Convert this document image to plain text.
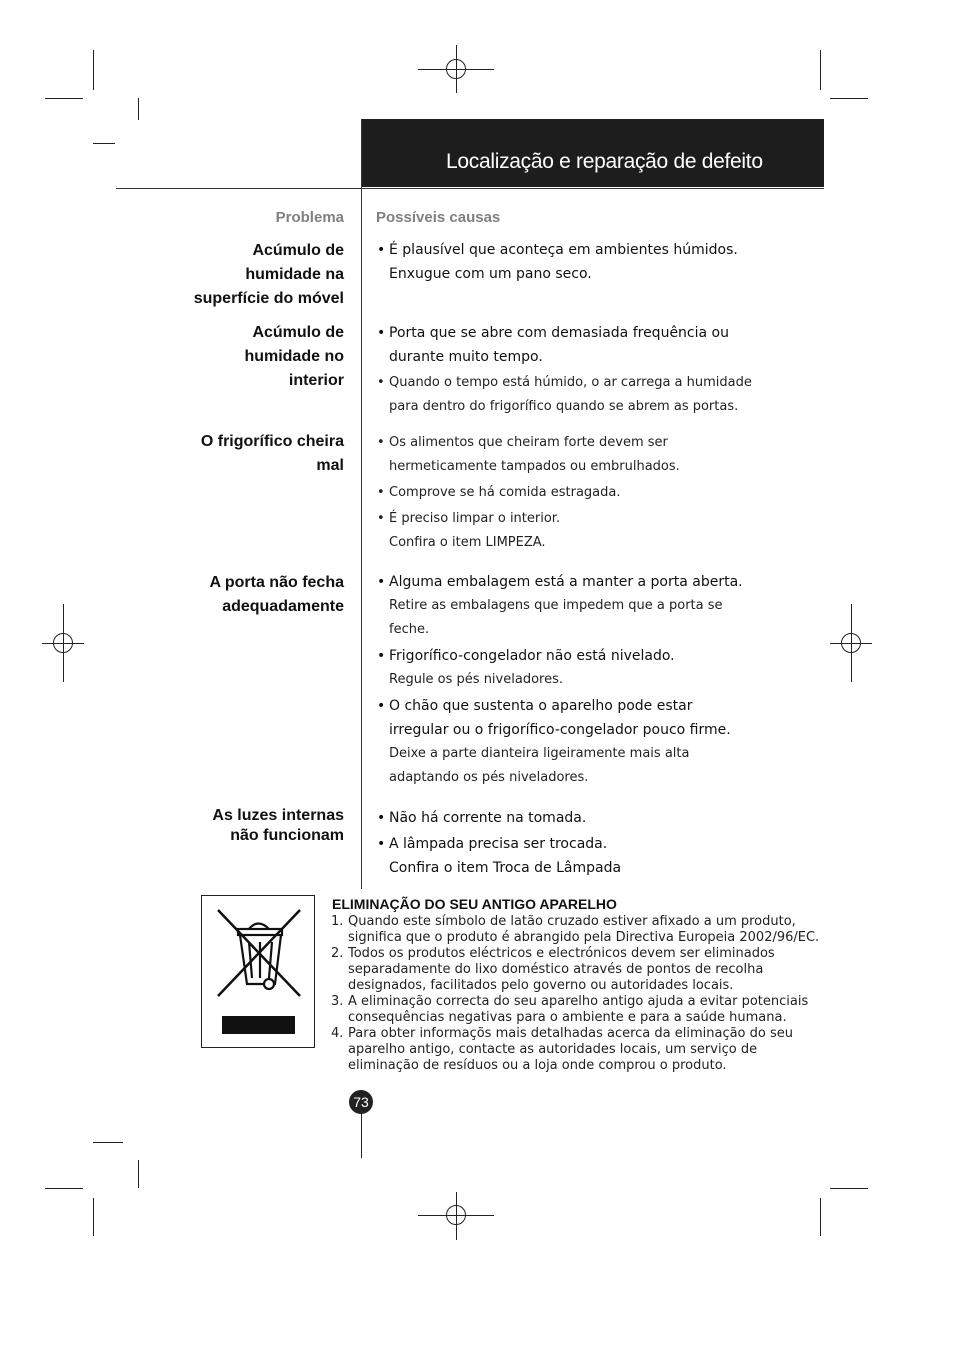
Localização e reparação de defeito
Problema Possíveis causas
Acúmulo de
humidade na
superfície do móvel
Acúmulo de
humidade no
interior
O frigorífico cheira
mal
A porta não fecha
adequadamente
As luzes internas
não funcionam
• É plausível que aconteça em ambientes húmidos.
Enxugue com um pano seco.
• Porta que se abre com demasiada frequência ou
durante muito tempo.
• Quando o tempo está húmido, o ar carrega a humidade
para dentro do frigorífico quando se abrem as portas.
• Os alimentos que cheiram forte devem ser
hermeticamente tampados ou embrulhados.
• Comprove se há comida estragada.
• É preciso limpar o interior.
Confira o item LIMPEZA.
• Alguma embalagem está a manter a porta aberta.
Retire as embalagens que impedem que a porta se
feche.
• Frigorífico-congelador não está nivelado.
Regule os pés niveladores.
• O chão que sustenta o aparelho pode estar
irregular ou o frigorífico-congelador pouco firme.
Deixe a parte dianteira ligeiramente mais alta
adaptando os pés niveladores.
• Não há corrente na tomada.
• A lâmpada precisa ser trocada.
Confira o item Troca de Lâmpada
ELIMINAÇÃO DO SEU ANTIGO APARELHO
1. Quando este símbolo de latão cruzado estiver afixado a um produto,
significa que o produto é abrangido pela Directiva Europeia 2002/96/EC.
2. Todos os produtos eléctricos e electrónicos devem ser eliminados
separadamente do lixo doméstico através de pontos de recolha
designados, facilitados pelo governo ou autoridades locais.
3. A eliminação correcta do seu aparelho antigo ajuda a evitar potenciais
consequências negativas para o ambiente e para a saúde humana.
4. Para obter informaçõs mais detalhadas acerca da eliminação do seu
aparelho antigo, contacte as autoridades locais, um serviço de
eliminação de resíduos ou a loja onde comprou o produto.
73
